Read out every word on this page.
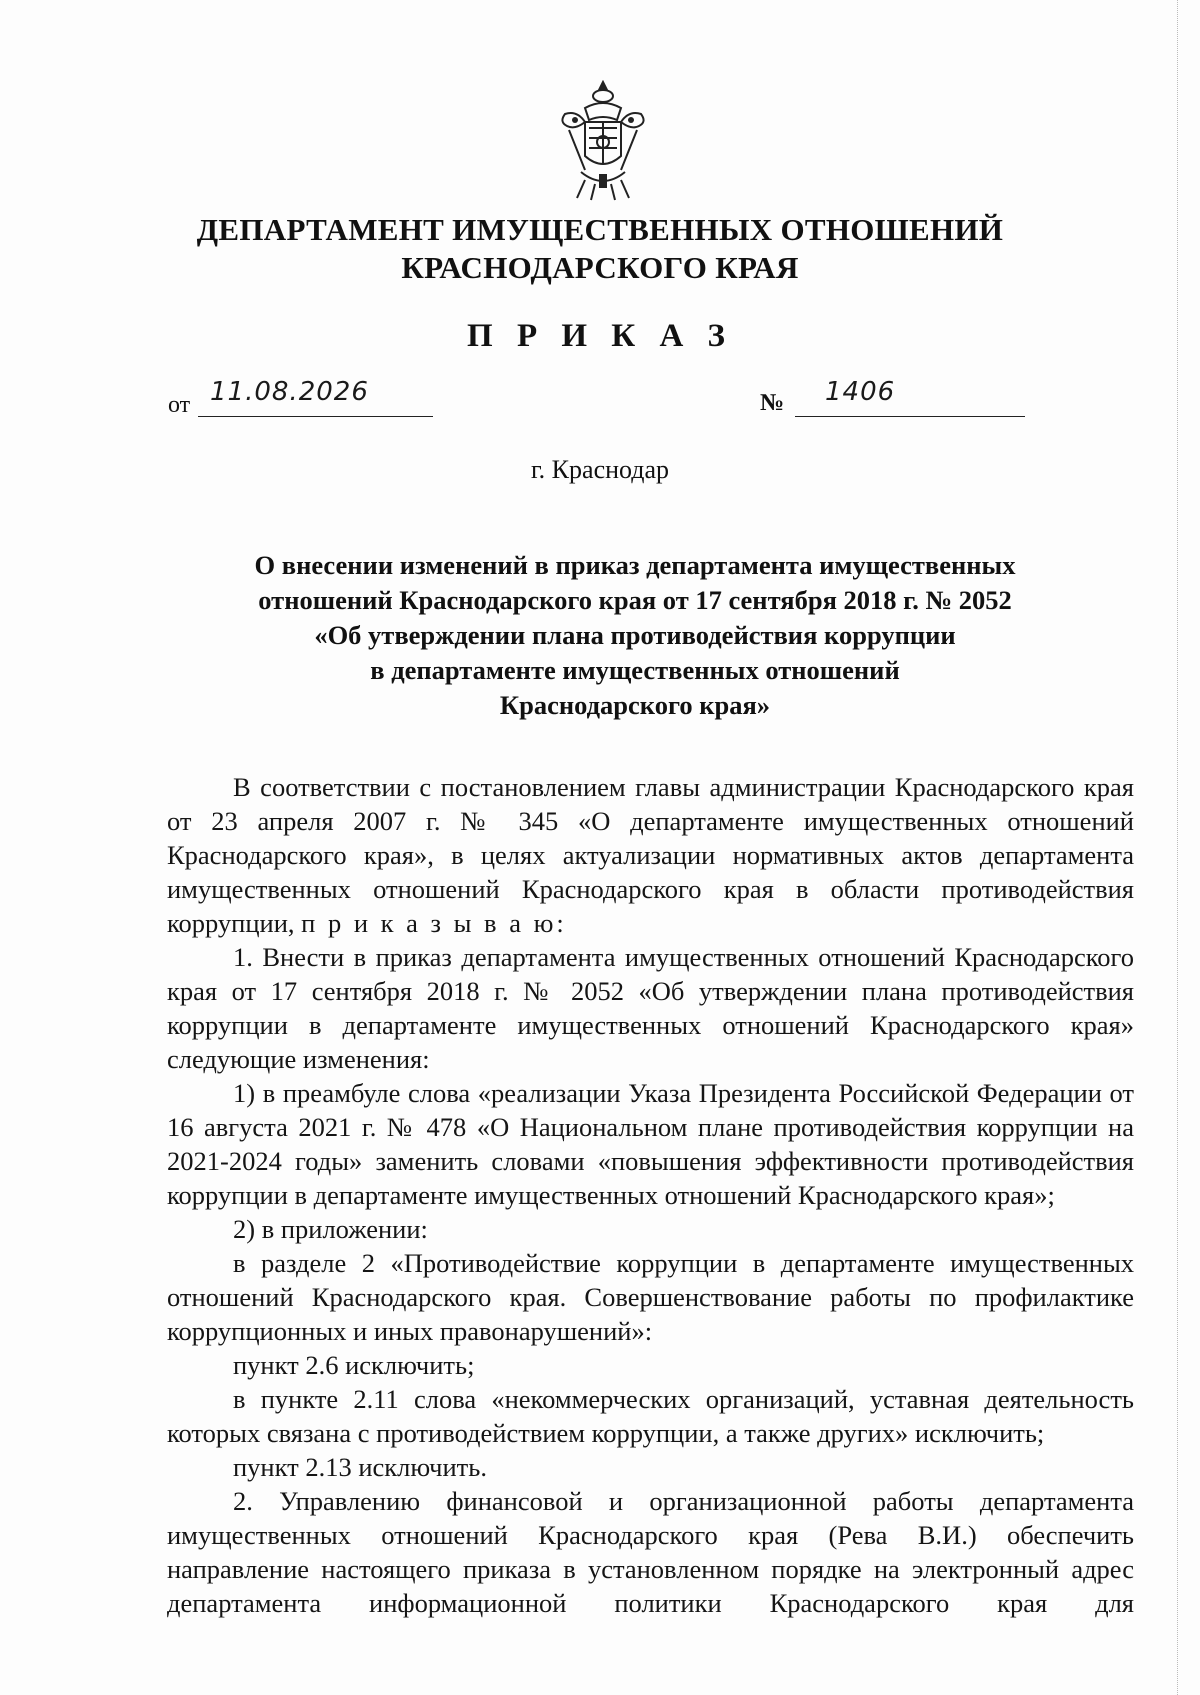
ДЕПАРТАМЕНТ ИМУЩЕСТВЕННЫХ ОТНОШЕНИЙ
КРАСНОДАРСКОГО КРАЯ
П Р И К А З
от 11.08.2026	№ 1406
г. Краснодар
О внесении изменений в приказ департамента имущественных
отношений Краснодарского края от 17 сентября 2018 г. № 2052
«Об утверждении плана противодействия коррупции
в департаменте имущественных отношений
Краснодарского края»
В соответствии с постановлением главы администрации Краснодарского края от 23 апреля 2007 г. № 345 «О департаменте имущественных отношений Краснодарского края», в целях актуализации нормативных актов департамента имущественных отношений Краснодарского края в области противодействия коррупции, п р и к а з ы в а ю:
1. Внести в приказ департамента имущественных отношений Краснодарского края от 17 сентября 2018 г. № 2052 «Об утверждении плана противодействия коррупции в департаменте имущественных отношений Краснодарского края» следующие изменения:
1) в преамбуле слова «реализации Указа Президента Российской Федерации от 16 августа 2021 г. № 478 «О Национальном плане противодействия коррупции на 2021-2024 годы» заменить словами «повышения эффективности противодействия коррупции в департаменте имущественных отношений Краснодарского края»;
2) в приложении:
в разделе 2 «Противодействие коррупции в департаменте имущественных отношений Краснодарского края. Совершенствование работы по профилактике коррупционных и иных правонарушений»:
пункт 2.6 исключить;
в пункте 2.11 слова «некоммерческих организаций, уставная деятельность которых связана с противодействием коррупции, а также других» исключить;
пункт 2.13 исключить.
2. Управлению финансовой и организационной работы департамента имущественных отношений Краснодарского края (Рева В.И.) обеспечить направление настоящего приказа в установленном порядке на электронный адрес департамента информационной политики Краснодарского края для
